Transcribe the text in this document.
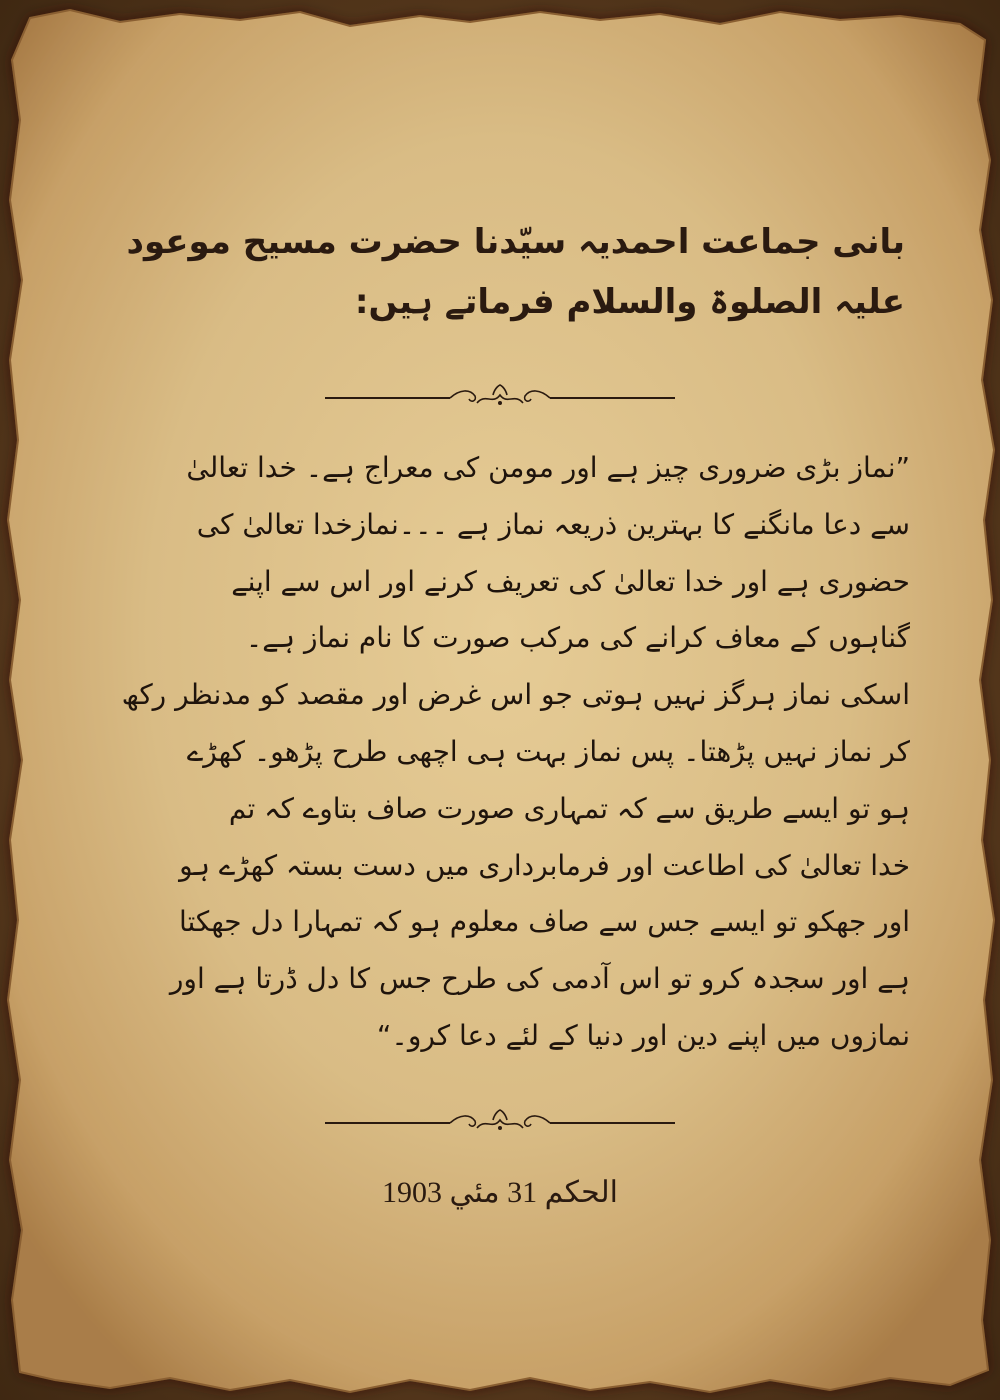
بانی جماعت احمدیہ سیّدنا حضرت مسیح موعود
علیہ الصلوۃ والسلام فرماتے ہیں:
”نماز بڑی ضروری چیز ہے اور مومن کی معراج ہے۔ خدا تعالیٰ
سے دعا مانگنے کا بہترین ذریعہ نماز ہے ۔۔۔نمازخدا تعالیٰ کی
حضوری ہے اور خدا تعالیٰ کی تعریف کرنے اور اس سے اپنے
گناہوں کے معاف کرانے کی مرکب صورت کا نام نماز ہے۔
اسکی نماز ہرگز نہیں ہوتی جو اس غرض اور مقصد کو مدنظر رکھ
کر نماز نہیں پڑھتا۔ پس نماز بہت ہی اچھی طرح پڑھو۔ کھڑے
ہو تو ایسے طریق سے کہ تمہاری صورت صاف بتاوے کہ تم
خدا تعالیٰ کی اطاعت اور فرمابرداری میں دست بستہ کھڑے ہو
اور جھکو تو ایسے جس سے صاف معلوم ہو کہ تمہارا دل جھکتا
ہے اور سجدہ کرو تو اس آدمی کی طرح جس کا دل ڈرتا ہے اور
نمازوں میں اپنے دین اور دنیا کے لئے دعا کرو۔“
الحکم 31 مئي 1903
